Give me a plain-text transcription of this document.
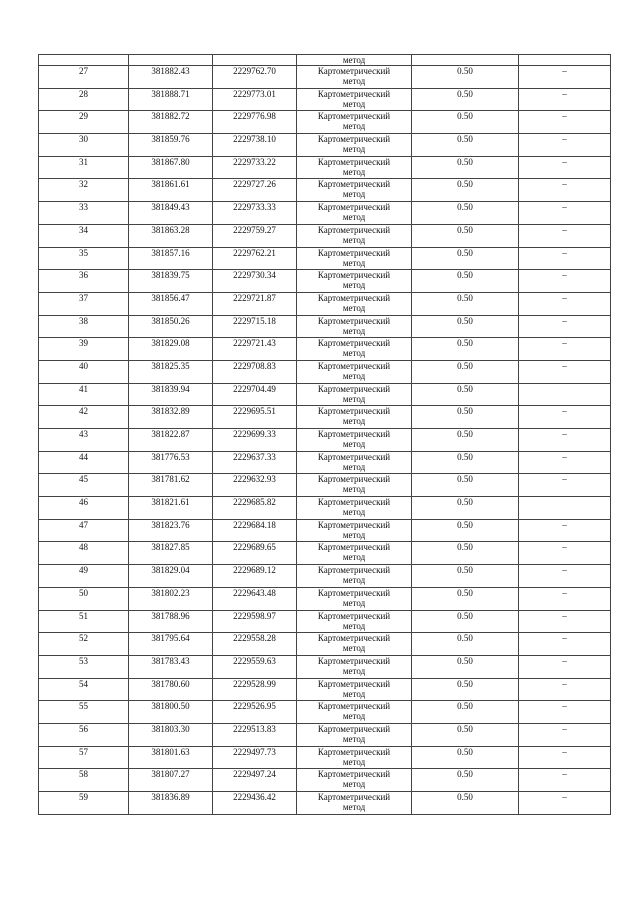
			метод		
27	381882.43	2229762.70	Картометрический
метод	0.50	–
28	381888.71	2229773.01	Картометрический
метод	0.50	–
29	381882.72	2229776.98	Картометрический
метод	0.50	–
30	381859.76	2229738.10	Картометрический
метод	0.50	–
31	381867.80	2229733.22	Картометрический
метод	0.50	–
32	381861.61	2229727.26	Картометрический
метод	0.50	–
33	381849.43	2229733.33	Картометрический
метод	0.50	–
34	381863.28	2229759.27	Картометрический
метод	0.50	–
35	381857.16	2229762.21	Картометрический
метод	0.50	–
36	381839.75	2229730.34	Картометрический
метод	0.50	–
37	381856.47	2229721.87	Картометрический
метод	0.50	–
38	381850.26	2229715.18	Картометрический
метод	0.50	–
39	381829.08	2229721.43	Картометрический
метод	0.50	–
40	381825.35	2229708.83	Картометрический
метод	0.50	–
41	381839.94	2229704.49	Картометрический
метод	0.50	
42	381832.89	2229695.51	Картометрический
метод	0.50	–
43	381822.87	2229699.33	Картометрический
метод	0.50	–
44	381776.53	2229637.33	Картометрический
метод	0.50	–
45	381781.62	2229632.93	Картометрический
метод	0.50	–
46	381821.61	2229685.82	Картометрический
метод	0.50	
47	381823.76	2229684.18	Картометрический
метод	0.50	–
48	381827.85	2229689.65	Картометрический
метод	0.50	–
49	381829.04	2229689.12	Картометрический
метод	0.50	–
50	381802.23	2229643.48	Картометрический
метод	0.50	–
51	381788.96	2229598.97	Картометрический
метод	0.50	–
52	381795.64	2229558.28	Картометрический
метод	0.50	–
53	381783.43	2229559.63	Картометрический
метод	0.50	–
54	381780.60	2229528.99	Картометрический
метод	0.50	–
55	381800.50	2229526.95	Картометрический
метод	0.50	–
56	381803.30	2229513.83	Картометрический
метод	0.50	–
57	381801.63	2229497.73	Картометрический
метод	0.50	–
58	381807.27	2229497.24	Картометрический
метод	0.50	–
59	381836.89	2229436.42	Картометрический
метод	0.50	–
